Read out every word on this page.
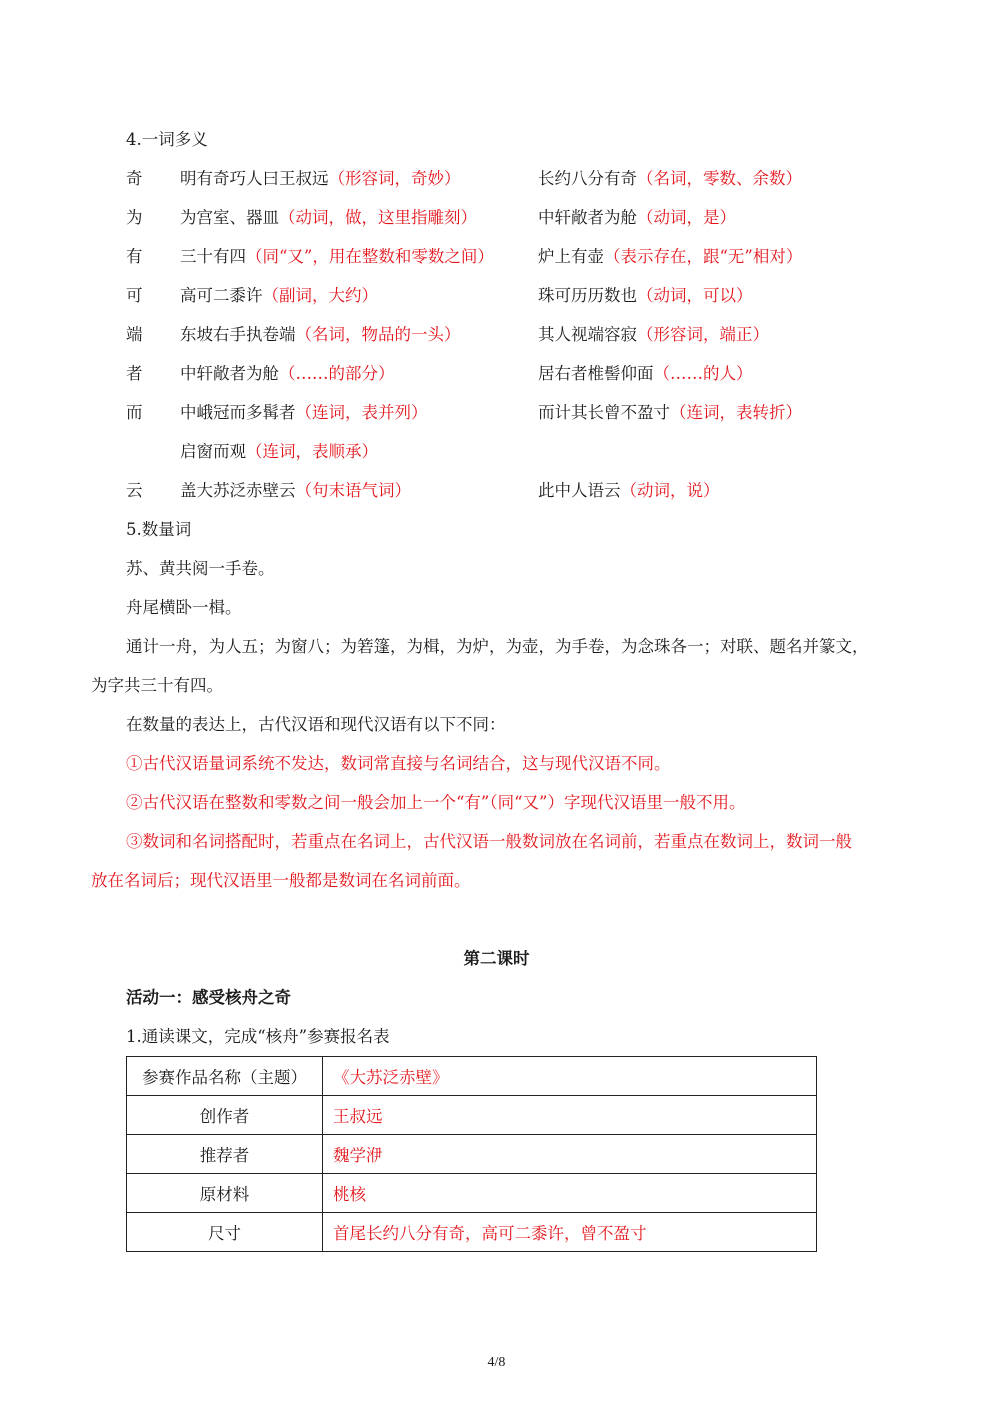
4.一词多义
奇 明有奇巧人曰王叔远（形容词，奇妙）	长约八分有奇（名词，零数、余数）
为 为宫室、器皿（动词，做，这里指雕刻）	中轩敞者为舱（动词，是）
有 三十有四（同“又”，用在整数和零数之间）	炉上有壶（表示存在，跟“无”相对）
可 高可二黍许（副词，大约）	珠可历历数也（动词，可以）
端 东坡右手执卷端（名词，物品的一头）	其人视端容寂（形容词，端正）
者 中轩敞者为舱（……的部分）	居右者椎髻仰面（……的人）
而 中峨冠而多髯者（连词，表并列）	而计其长曾不盈寸（连词，表转折）
启窗而观（连词，表顺承）
云 盖大苏泛赤壁云（句末语气词）	此中人语云（动词，说）
5.数量词
苏、黄共阅一手卷。
舟尾横卧一楫。
通计一舟，为人五；为窗八；为箬篷，为楫，为炉，为壶，为手卷，为念珠各一；对联、题名并篆文，
为字共三十有四。
在数量的表达上，古代汉语和现代汉语有以下不同：
①古代汉语量词系统不发达，数词常直接与名词结合，这与现代汉语不同。
②古代汉语在整数和零数之间一般会加上一个“有”（同“又”）字现代汉语里一般不用。
③数词和名词搭配时，若重点在名词上，古代汉语一般数词放在名词前，若重点在数词上，数词一般
放在名词后；现代汉语里一般都是数词在名词前面。
第二课时
活动一：感受核舟之奇
1.通读课文，完成“核舟”参赛报名表
参赛作品名称（主题）	《大苏泛赤壁》
创作者	王叔远
推荐者	魏学洢
原材料	桃核
尺寸	首尾长约八分有奇，高可二黍许，曾不盈寸
4/8
